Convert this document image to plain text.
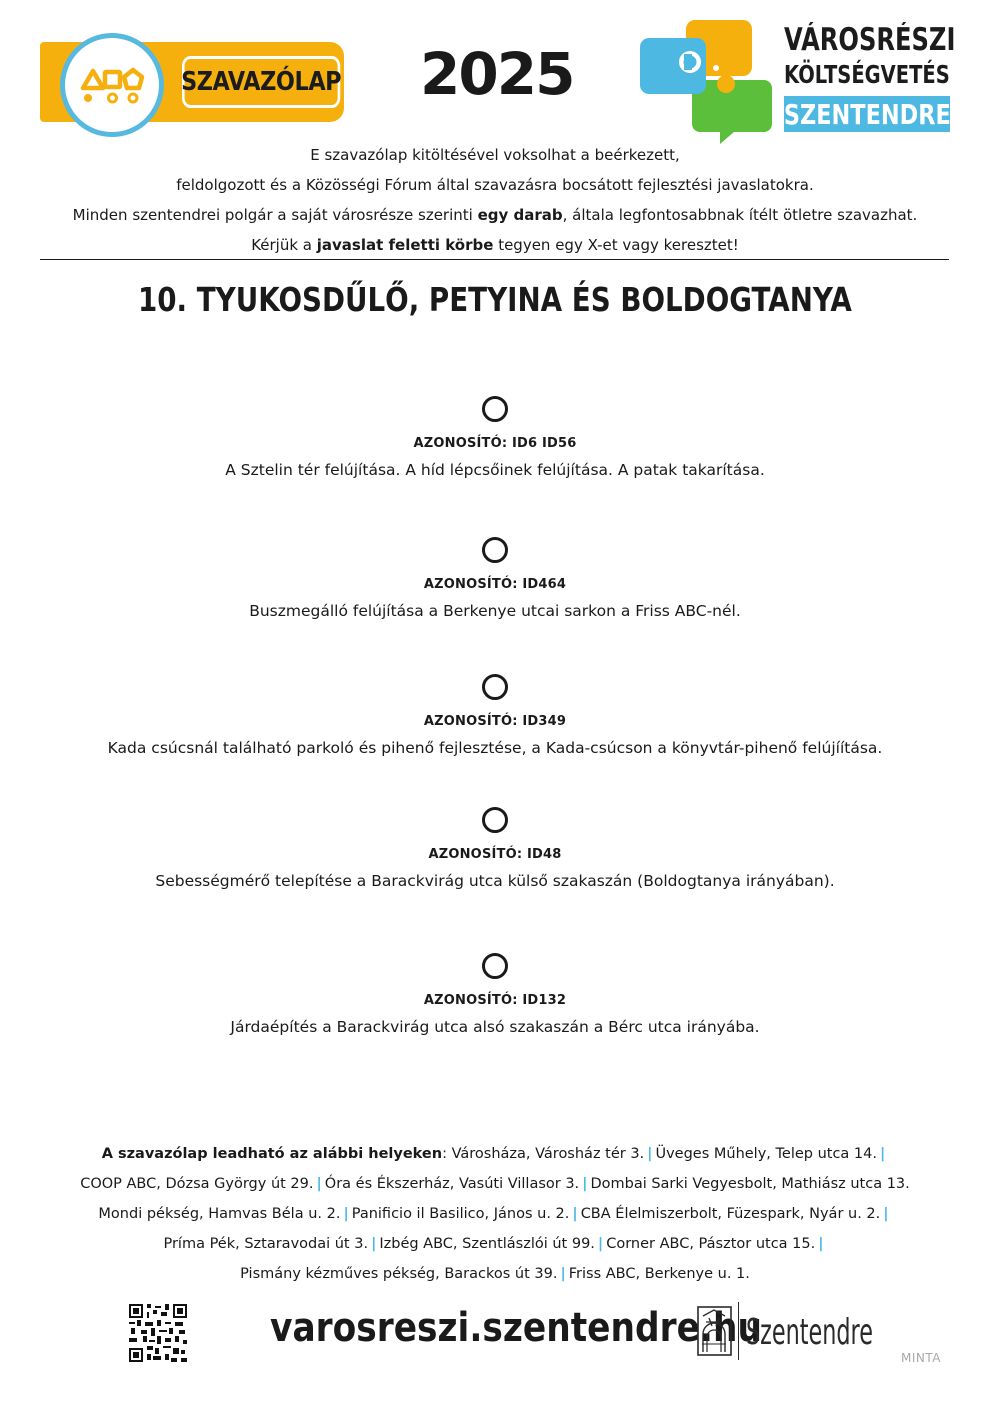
SZAVAZÓLAP 2025	VÁROSRÉSZI
KÖLTSÉGVETÉS
SZENTENDRE

E szavazólap kitöltésével voksolhat a beérkezett,

feldolgozott és a Közösségi Fórum által szavazásra bocsátott fejlesztési javaslatokra.

Minden szentendrei polgár a saját városrésze szerinti egy darab, általa legfontosabbnak ítélt ötletre szavazhat.

Kérjük a javaslat feletti körbe tegyen egy X-et vagy keresztet!

10. TYUKOSDŰLŐ, PETYINA ÉS BOLDOGTANYA
AZONOSÍTÓ: ID6 ID56
A Sztelin tér felújítása. A híd lépcsőinek felújítása. A patak takarítása.
AZONOSÍTÓ: ID464
Buszmegálló felújítása a Berkenye utcai sarkon a Friss ABC-nél.
AZONOSÍTÓ: ID349
Kada csúcsnál található parkoló és pihenő fejlesztése, a Kada-csúcson a könyvtár-pihenő felújíítása.
AZONOSÍTÓ: ID48
Sebességmérő telepítése a Barackvirág utca külső szakaszán (Boldogtanya irányában).
AZONOSÍTÓ: ID132
Járdaépítés a Barackvirág utca alsó szakaszán a Bérc utca irányába.

A szavazólap leadható az alábbi helyeken: Városháza, Városház tér 3. | Üveges Műhely, Telep utca 14. |

COOP ABC, Dózsa György út 29. | Óra és Ékszerház, Vasúti Villasor 3. | Dombai Sarki Vegyesbolt, Mathiász utca 13.

Mondi pékség, Hamvas Béla u. 2. | Panificio il Basilico, János u. 2. | CBA Élelmiszerbolt, Füzespark, Nyár u. 2. |

Príma Pék, Sztaravodai út 3. | Izbég ABC, Szentlászlói út 99. | Corner ABC, Pásztor utca 15. |

Pismány kézműves pékség, Barackos út 39. | Friss ABC, Berkenye u. 1.

varosreszi.szentendre.hu
Szentendre
MINTA
